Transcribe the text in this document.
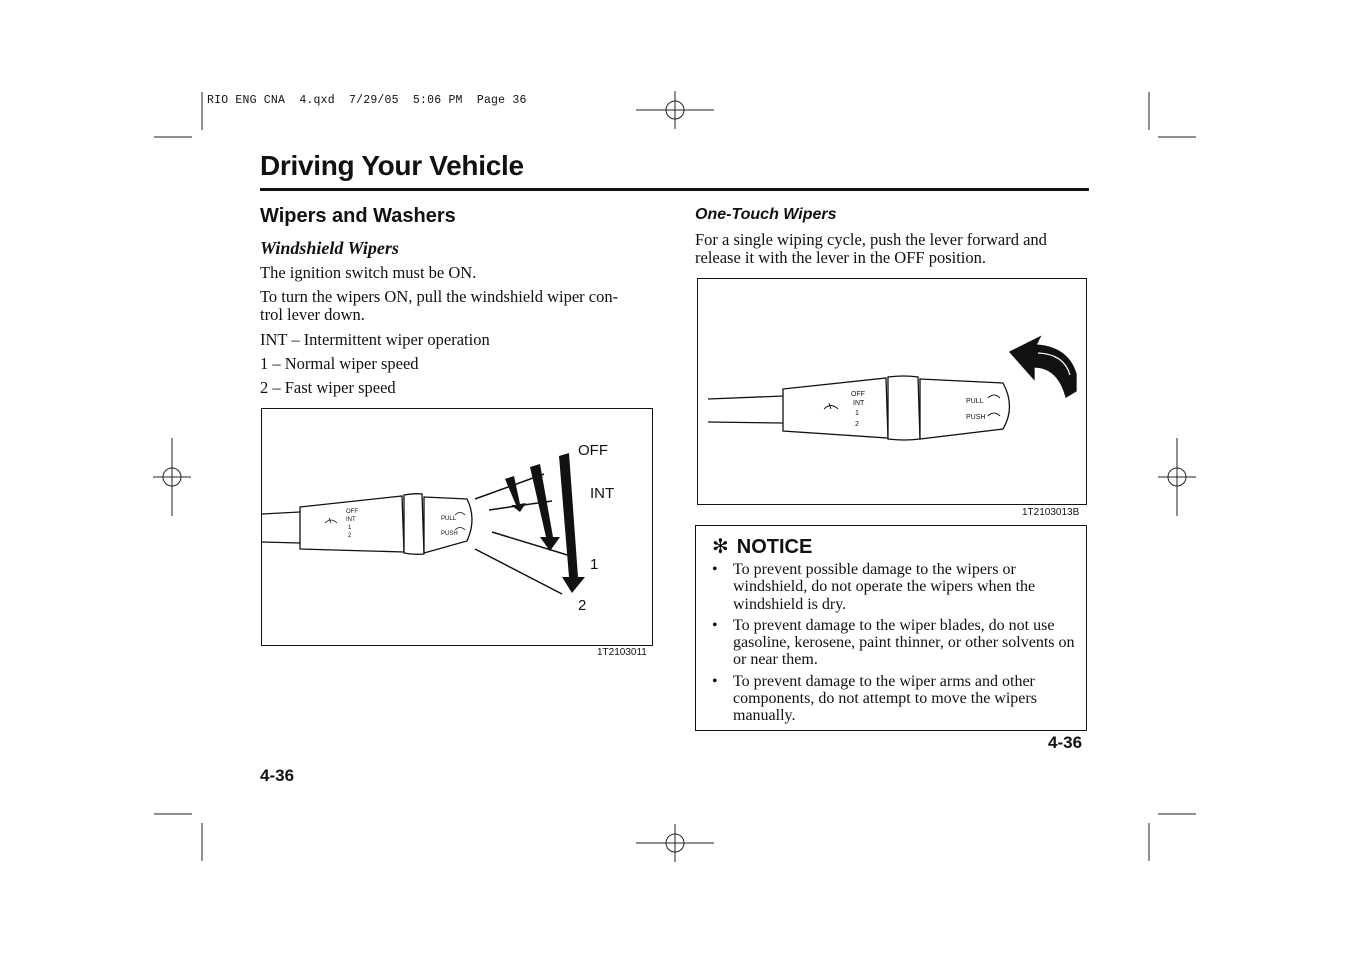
RIO ENG CNA  4.qxd  7/29/05  5:06 PM  Page 36
Driving Your Vehicle
Wipers and Washers
Windshield Wipers
The ignition switch must be ON.
To turn the wipers ON, pull the windshield wiper con-
trol lever down.
INT – Intermittent wiper operation
1 – Normal wiper speed
2 – Fast wiper speed
OFF
INT
1
2
PULL
PUSH
OFF
INT
1
2
1T2103011
4-36
One-Touch Wipers
For a single wiping cycle, push the lever forward and
release it with the lever in the OFF position.
OFF
INT
1
2
PULL
PUSH
1T2103013B
✻ NOTICE
• To prevent possible damage to the wipers or windshield, do not operate the wipers when the windshield is dry.
• To prevent damage to the wiper blades, do not use gasoline, kerosene, paint thinner, or other solvents on or near them.
• To prevent damage to the wiper arms and other components, do not attempt to move the wipers manually.
4-36
